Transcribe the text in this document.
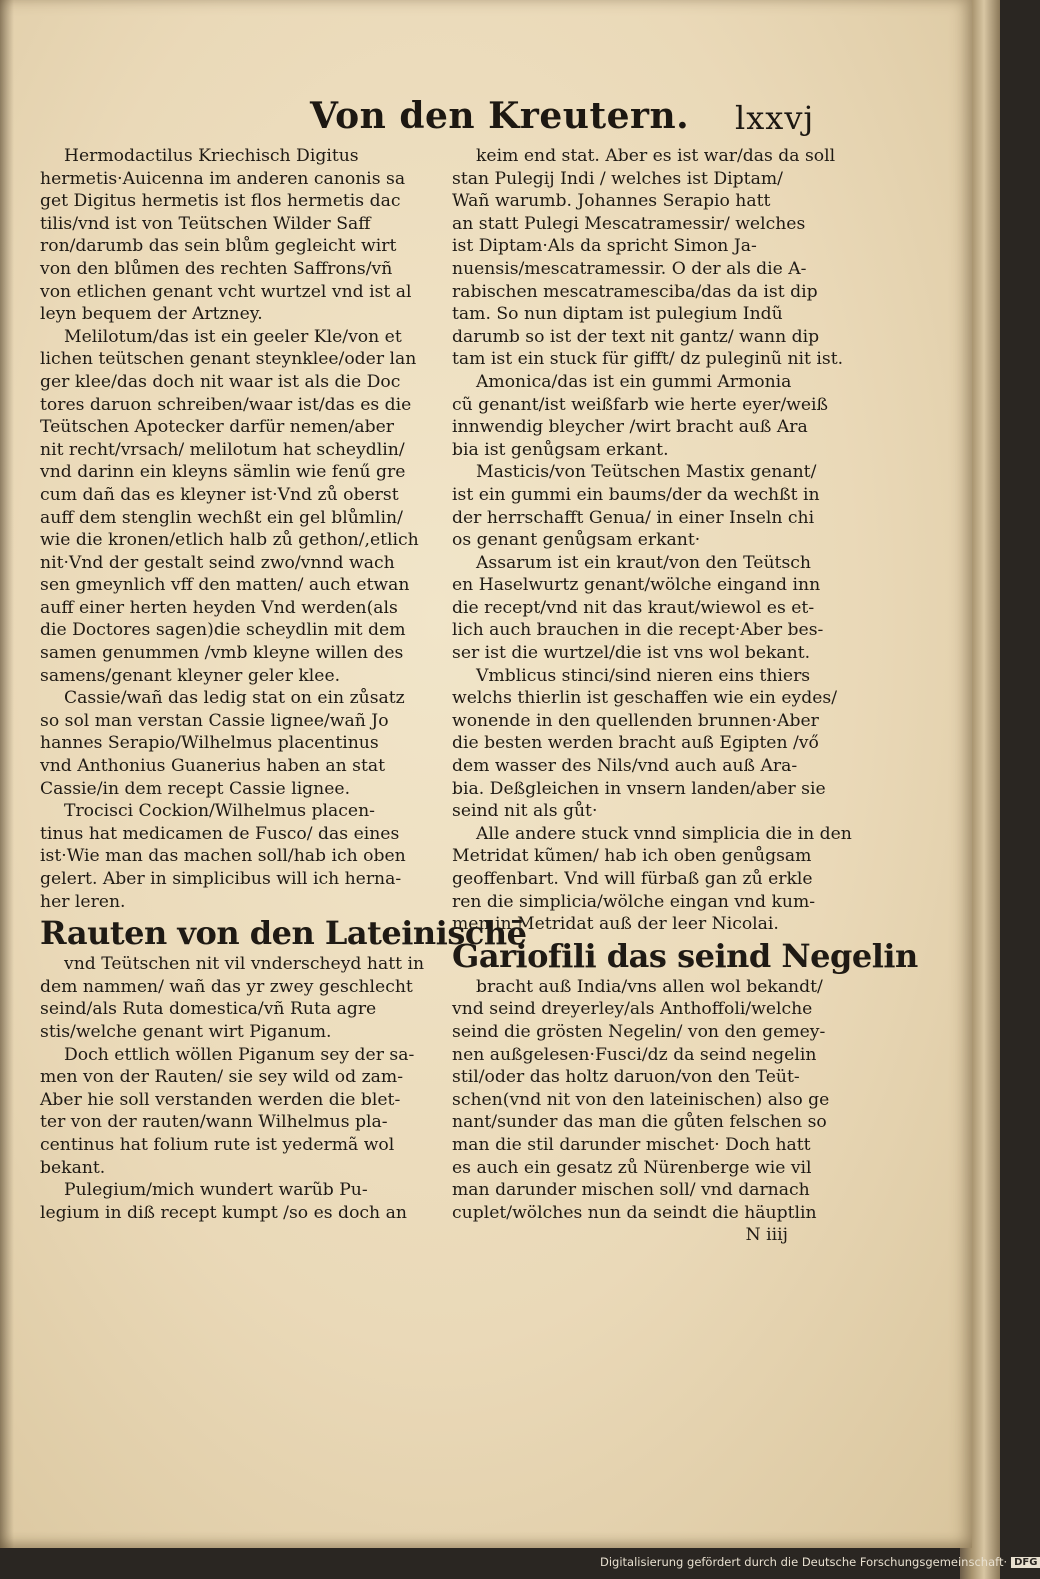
Von den Kreutern. lxxvj
Hermodactilus Kriechisch Digitus
hermetis·Auicenna im anderen canonis sa
get Digitus hermetis ist flos hermetis dac
tilis/vnd ist von Teütschen Wilder Saff
ron/darumb das sein blům gegleicht wirt
von den blůmen des rechten Saffrons/vñ
von etlichen genant vcht wurtzel vnd ist al
leyn bequem der Artzney.
Melilotum/das ist ein geeler Kle/von et
lichen teütschen genant steynklee/oder lan
ger klee/das doch nit waar ist als die Doc
tores daruon schreiben/waar ist/das es die
Teütschen Apotecker darfür nemen/aber
nit recht/vrsach/ melilotum hat scheydlin/
vnd darinn ein kleyns sämlin wie fenű gre
cum dañ das es kleyner ist·Vnd zů oberst
auff dem stenglin wechßt ein gel blůmlin/
wie die kronen/etlich halb zů gethon/,etlich
nit·Vnd der gestalt seind zwo/vnnd wach
sen gmeynlich vff den matten/ auch etwan
auff einer herten heyden Vnd werden(als
die Doctores sagen)die scheydlin mit dem
samen genummen /vmb kleyne willen des
samens/genant kleyner geler klee.
Cassie/wañ das ledig stat on ein zůsatz
so sol man verstan Cassie lignee/wañ Jo
hannes Serapio/Wilhelmus placentinus
vnd Anthonius Guanerius haben an stat
Cassie/in dem recept Cassie lignee.
Trocisci Cockion/Wilhelmus placen-
tinus hat medicamen de Fusco/ das eines
ist·Wie man das machen soll/hab ich oben
gelert. Aber in simplicibus will ich herna-
her leren.
Rauten von den Lateinischē
vnd Teütschen nit vil vnderscheyd hatt in
dem nammen/ wañ das yr zwey geschlecht
seind/als Ruta domestica/vñ Ruta agre
stis/welche genant wirt Piganum.
Doch ettlich wöllen Piganum sey der sa-
men von der Rauten/ sie sey wild od zam-
Aber hie soll verstanden werden die blet-
ter von der rauten/wann Wilhelmus pla-
centinus hat folium rute ist yedermã wol
bekant.
Pulegium/mich wundert warũb Pu-
legium in diß recept kumpt /so es doch an
keim end stat. Aber es ist war/das da soll
stan Pulegij Indi / welches ist Diptam/
Wañ warumb. Johannes Serapio hatt
an statt Pulegi Mescatramessir/ welches
ist Diptam·Als da spricht Simon Ja-
nuensis/mescatramessir. O der als die A-
rabischen mescatramesciba/das da ist dip
tam. So nun diptam ist pulegium Indũ
darumb so ist der text nit gantz/ wann dip
tam ist ein stuck für gifft/ dz puleginũ nit ist.
Amonica/das ist ein gummi Armonia
cũ genant/ist weißfarb wie herte eyer/weiß
innwendig bleycher /wirt bracht auß Ara
bia ist genůgsam erkant.
Masticis/von Teütschen Mastix genant/
ist ein gummi ein baums/der da wechßt in
der herrschafft Genua/ in einer Inseln chi
os genant genůgsam erkant·
Assarum ist ein kraut/von den Teütsch
en Haselwurtz genant/wölche eingand inn
die recept/vnd nit das kraut/wiewol es et-
lich auch brauchen in die recept·Aber bes-
ser ist die wurtzel/die ist vns wol bekant.
Vmblicus stinci/sind nieren eins thiers
welchs thierlin ist geschaffen wie ein eydes/
wonende in den quellenden brunnen·Aber
die besten werden bracht auß Egipten /vő
dem wasser des Nils/vnd auch auß Ara-
bia. Deßgleichen in vnsern landen/aber sie
seind nit als gůt·
Alle andere stuck vnnd simplicia die in den
Metridat kũmen/ hab ich oben genůgsam
geoffenbart. Vnd will fürbaß gan zů erkle
ren die simplicia/wölche eingan vnd kum-
men in Metridat auß der leer Nicolai.
Gariofili das seind Negelin
bracht auß India/vns allen wol bekandt/
vnd seind dreyerley/als Anthoffoli/welche
seind die grösten Negelin/ von den gemey-
nen außgelesen·Fusci/dz da seind negelin
stil/oder das holtz daruon/von den Teüt-
schen(vnd nit von den lateinischen) also ge
nant/sunder das man die gůten felschen so
man die stil darunder mischet· Doch hatt
es auch ein gesatz zů Nürenberge wie vil
man darunder mischen soll/ vnd darnach
cuplet/wölches nun da seindt die häuptlin
N iiij
Digitalisierung gefördert durch die Deutsche Forschungsgemeinschaft· DFG
